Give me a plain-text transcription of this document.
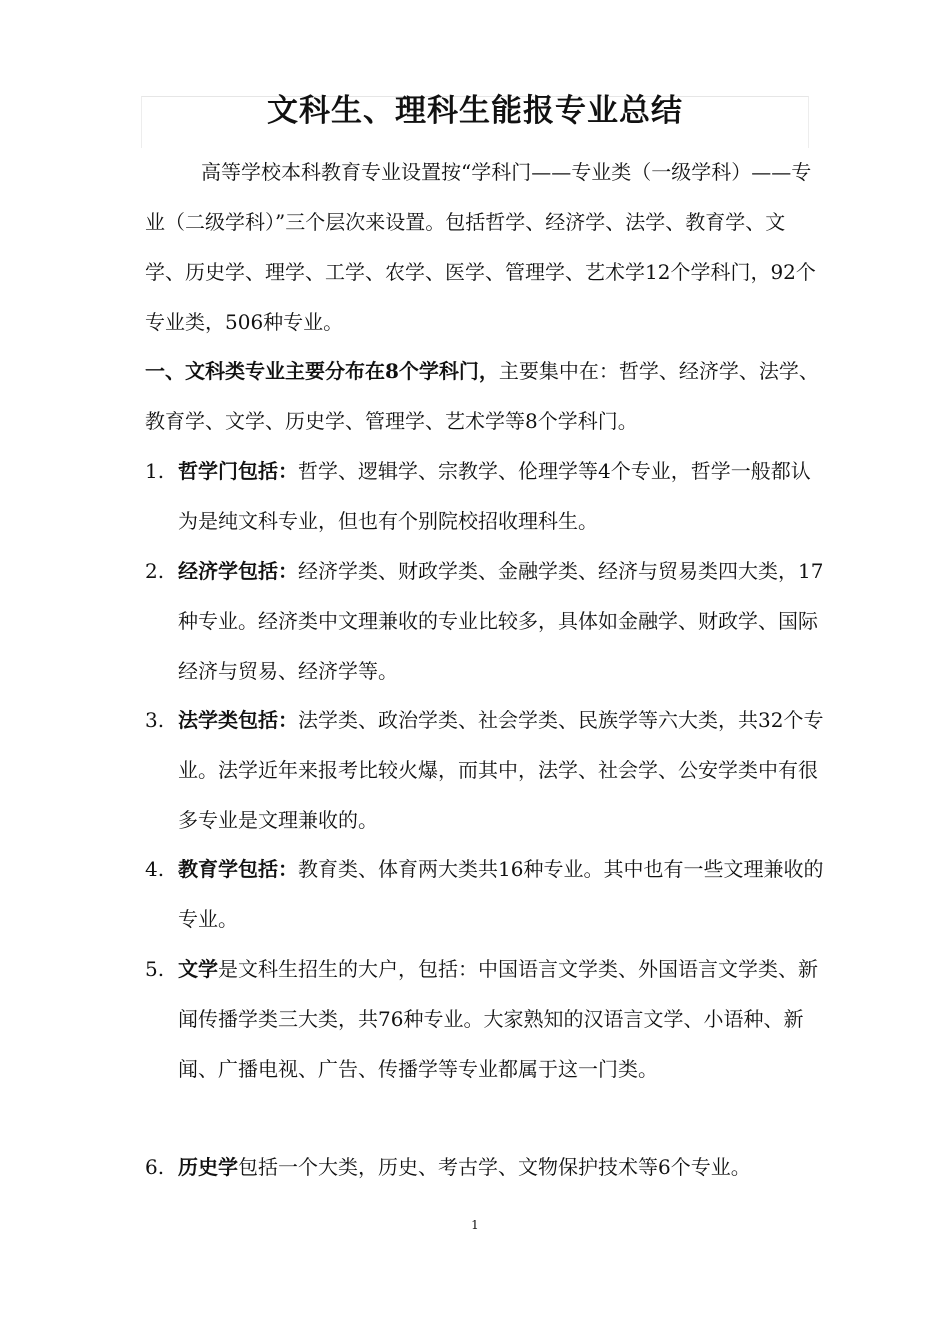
文科生、理科生能报专业总结

高等学校本科教育专业设置按“学科门——专业类（一级学科）——专业（二级学科）”三个层次来设置。包括哲学、经济学、法学、教育学、文学、历史学、理学、工学、农学、医学、管理学、艺术学12个学科门，92个专业类，506种专业。

一、文科类专业主要分布在8个学科门，主要集中在：哲学、经济学、法学、教育学、文学、历史学、管理学、艺术学等8个学科门。

1. 哲学门包括：哲学、逻辑学、宗教学、伦理学等4个专业，哲学一般都认为是纯文科专业，但也有个别院校招收理科生。
2. 经济学包括：经济学类、财政学类、金融学类、经济与贸易类四大类，17种专业。经济类中文理兼收的专业比较多，具体如金融学、财政学、国际经济与贸易、经济学等。
3. 法学类包括：法学类、政治学类、社会学类、民族学等六大类，共32个专业。法学近年来报考比较火爆，而其中，法学、社会学、公安学类中有很多专业是文理兼收的。
4. 教育学包括：教育类、体育两大类共16种专业。其中也有一些文理兼收的专业。
5. 文学是文科生招生的大户，包括：中国语言文学类、外国语言文学类、新闻传播学类三大类，共76种专业。大家熟知的汉语言文学、小语种、新闻、广播电视、广告、传播学等专业都属于这一门类。
6. 历史学包括一个大类，历史、考古学、文物保护技术等6个专业。
1
